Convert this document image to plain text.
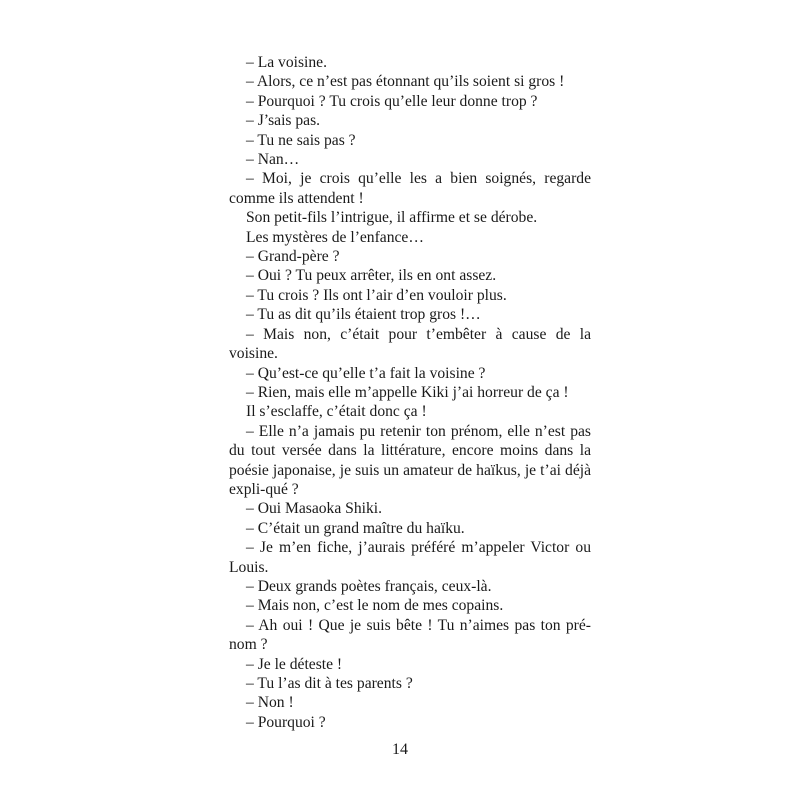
– La voisine.

– Alors, ce n’est pas étonnant qu’ils soient si gros !

– Pourquoi ? Tu crois qu’elle leur donne trop ?

– J’sais pas.

– Tu ne sais pas ?

– Nan…

– Moi, je crois qu’elle les a bien soignés, regarde comme ils attendent !

Son petit-fils l’intrigue, il affirme et se dérobe.

Les mystères de l’enfance…

– Grand-père ?

– Oui ? Tu peux arrêter, ils en ont assez.

– Tu crois ? Ils ont l’air d’en vouloir plus.

– Tu as dit qu’ils étaient trop gros !…

– Mais non, c’était pour t’embêter à cause de la voisine.

– Qu’est-ce qu’elle t’a fait la voisine ?

– Rien, mais elle m’appelle Kiki j’ai horreur de ça !

Il s’esclaffe, c’était donc ça !

– Elle n’a jamais pu retenir ton prénom, elle n’est pas du tout versée dans la littérature, encore moins dans la poésie japonaise, je suis un amateur de haïkus, je t’ai déjà expli-qué ?

– Oui Masaoka Shiki.

– C’était un grand maître du haïku.

– Je m’en fiche, j’aurais préféré m’appeler Victor ou Louis.

– Deux grands poètes français, ceux-là.

– Mais non, c’est le nom de mes copains.

– Ah oui ! Que je suis bête ! Tu n’aimes pas ton pré-nom ?

– Je le déteste !

– Tu l’as dit à tes parents ?

– Non !

– Pourquoi ?

14
